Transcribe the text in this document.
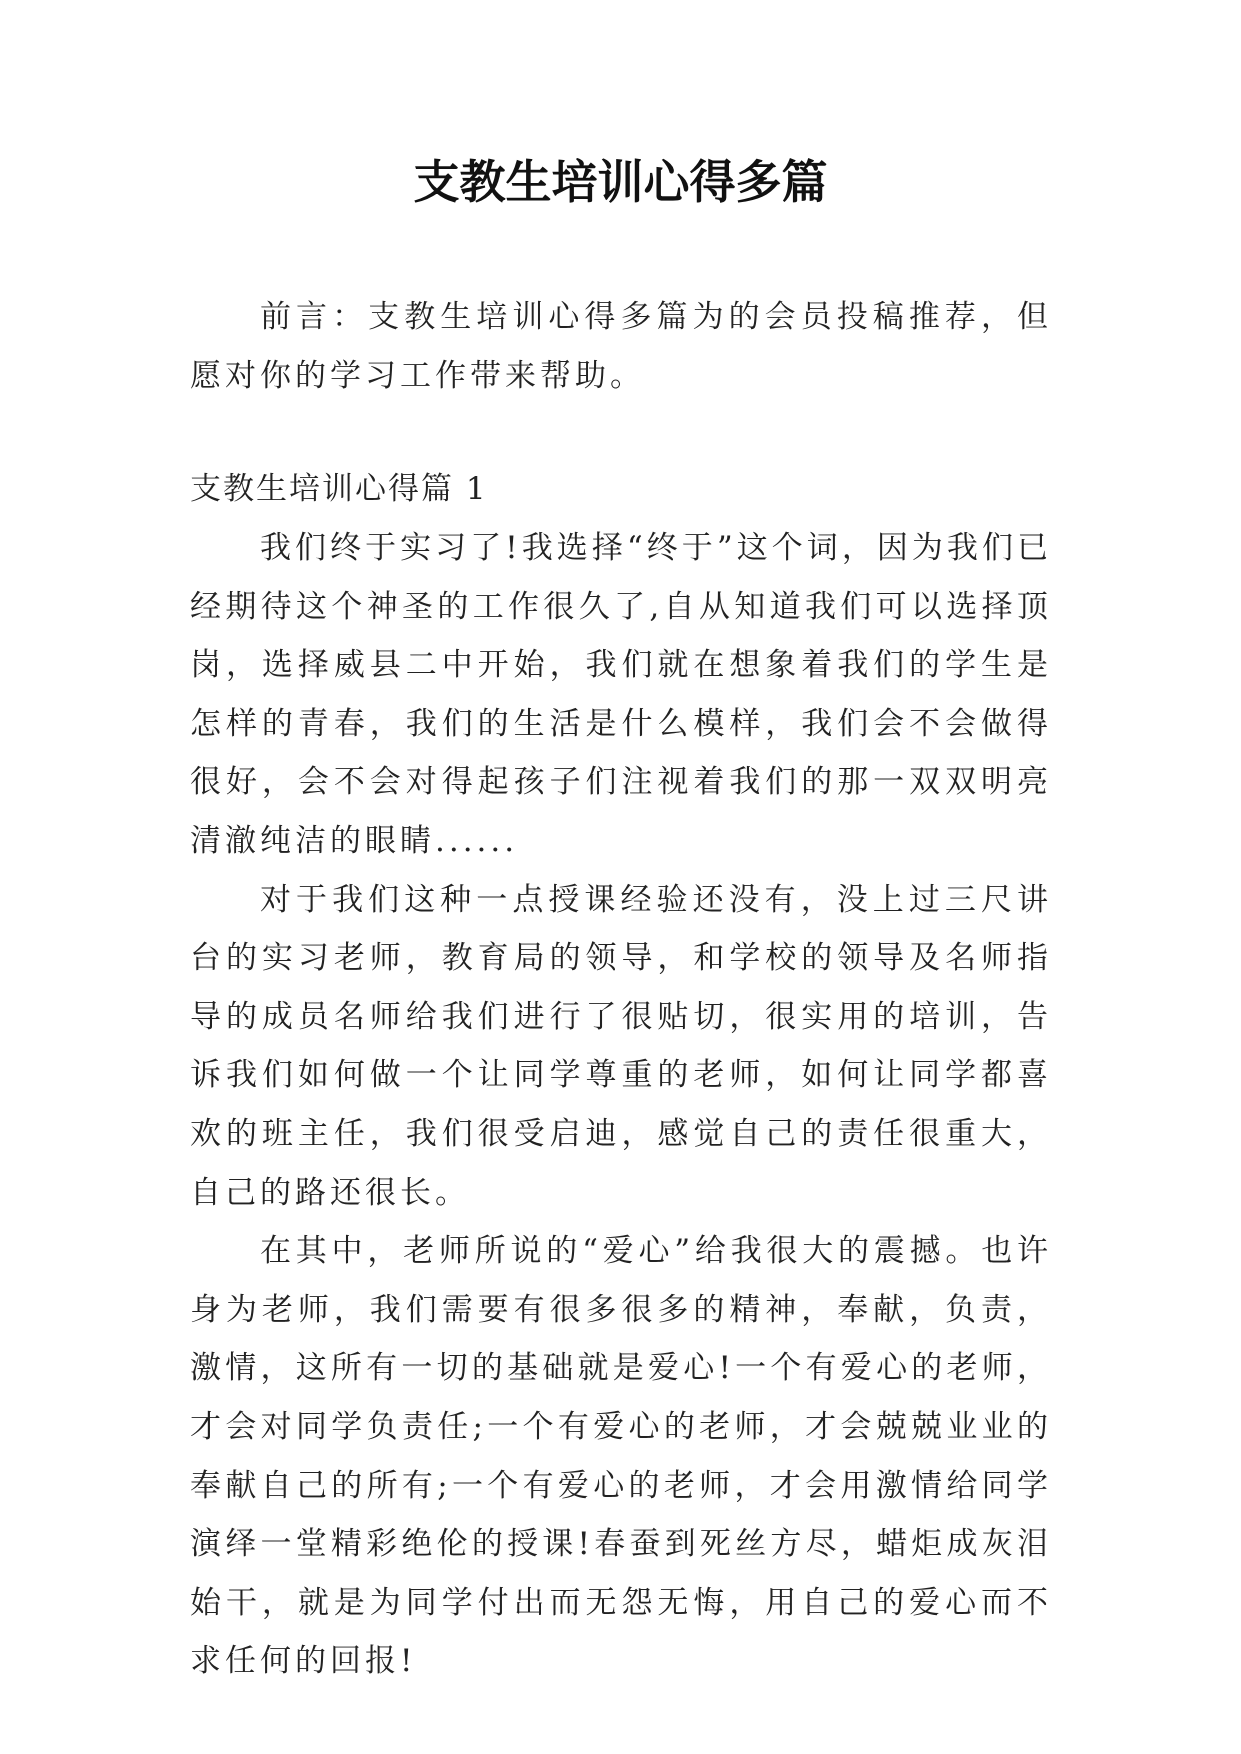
支教生培训心得多篇

前言：支教生培训心得多篇为的会员投稿推荐，但愿对你的学习工作带来帮助。

支教生培训心得篇 1

我们终于实习了!我选择“终于”这个词，因为我们已经期待这个神圣的工作很久了,自从知道我们可以选择顶岗，选择威县二中开始，我们就在想象着我们的学生是怎样的青春，我们的生活是什么模样，我们会不会做得很好，会不会对得起孩子们注视着我们的那一双双明亮清澈纯洁的眼睛......

对于我们这种一点授课经验还没有，没上过三尺讲台的实习老师，教育局的领导，和学校的领导及名师指导的成员名师给我们进行了很贴切，很实用的培训，告诉我们如何做一个让同学尊重的老师，如何让同学都喜欢的班主任，我们很受启迪，感觉自己的责任很重大，自己的路还很长。

在其中，老师所说的“爱心”给我很大的震撼。也许身为老师，我们需要有很多很多的精神，奉献，负责，激情，这所有一切的基础就是爱心!一个有爱心的老师，才会对同学负责任;一个有爱心的老师，才会兢兢业业的奉献自己的所有;一个有爱心的老师，才会用激情给同学演绎一堂精彩绝伦的授课!春蚕到死丝方尽，蜡炬成灰泪始干，就是为同学付出而无怨无悔，用自己的爱心而不求任何的回报!
